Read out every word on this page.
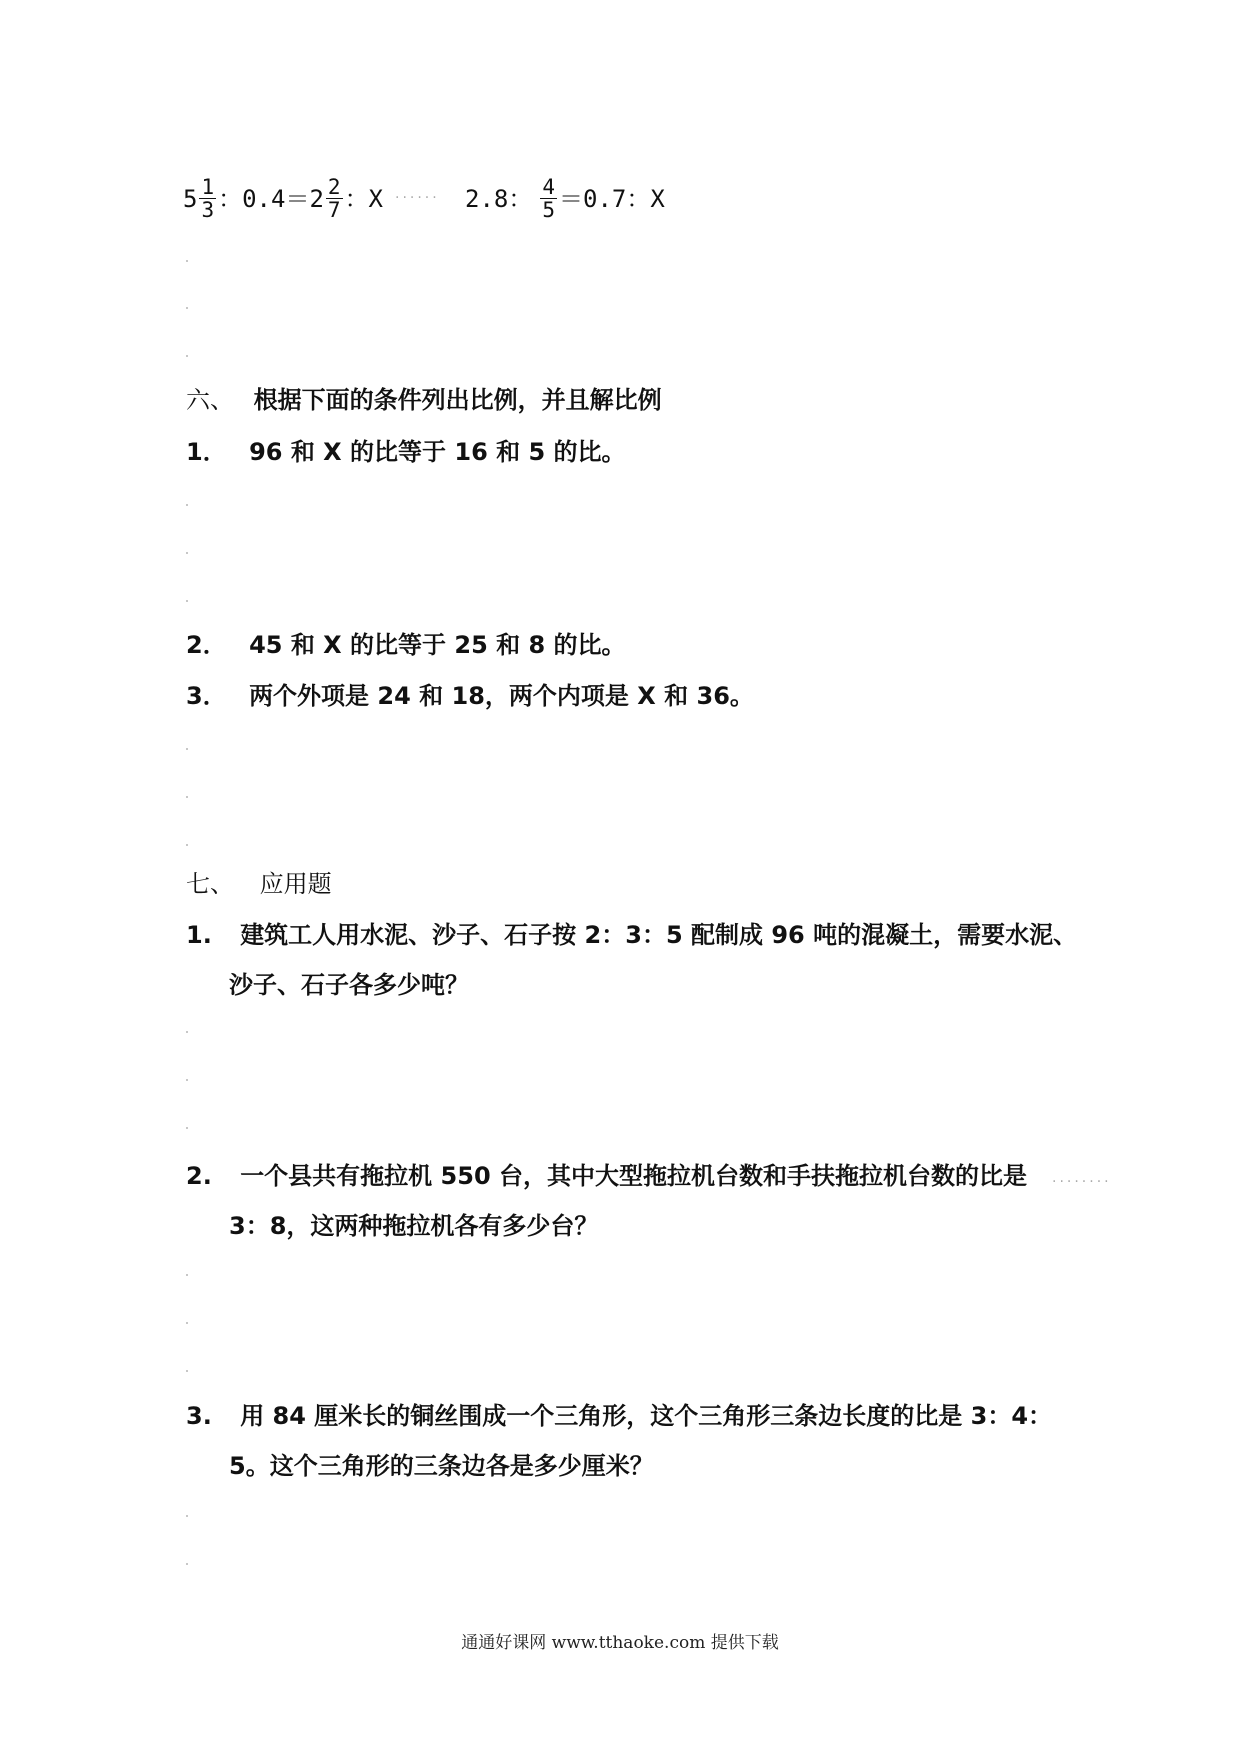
$5 \frac{1}{3}$ ：$0.4=2 \frac{2}{7}$ ：X ...... 2.8： $\frac{4}{5} =0.7$：X
六、 根据下面的条件列出比例，并且解比例
1． 96 和 X 的比等于 16 和 5 的比。
2． 45 和 X 的比等于 25 和 8 的比。
3． 两个外项是 24 和 18，两个内项是 X 和 36。
七、 应用题
1. 建筑工人用水泥、沙子、石子按 2：3：5 配制成 96 吨的混凝土，需要水泥、
沙子、石子各多少吨？
2. 一个县共有拖拉机 550 台，其中大型拖拉机台数和手扶拖拉机台数的比是 ........
3：8，这两种拖拉机各有多少台？
3. 用 84 厘米长的铜丝围成一个三角形，这个三角形三条边长度的比是 3：4：
5。这个三角形的三条边各是多少厘米？
通通好课网 www.tthaoke.com 提供下载
